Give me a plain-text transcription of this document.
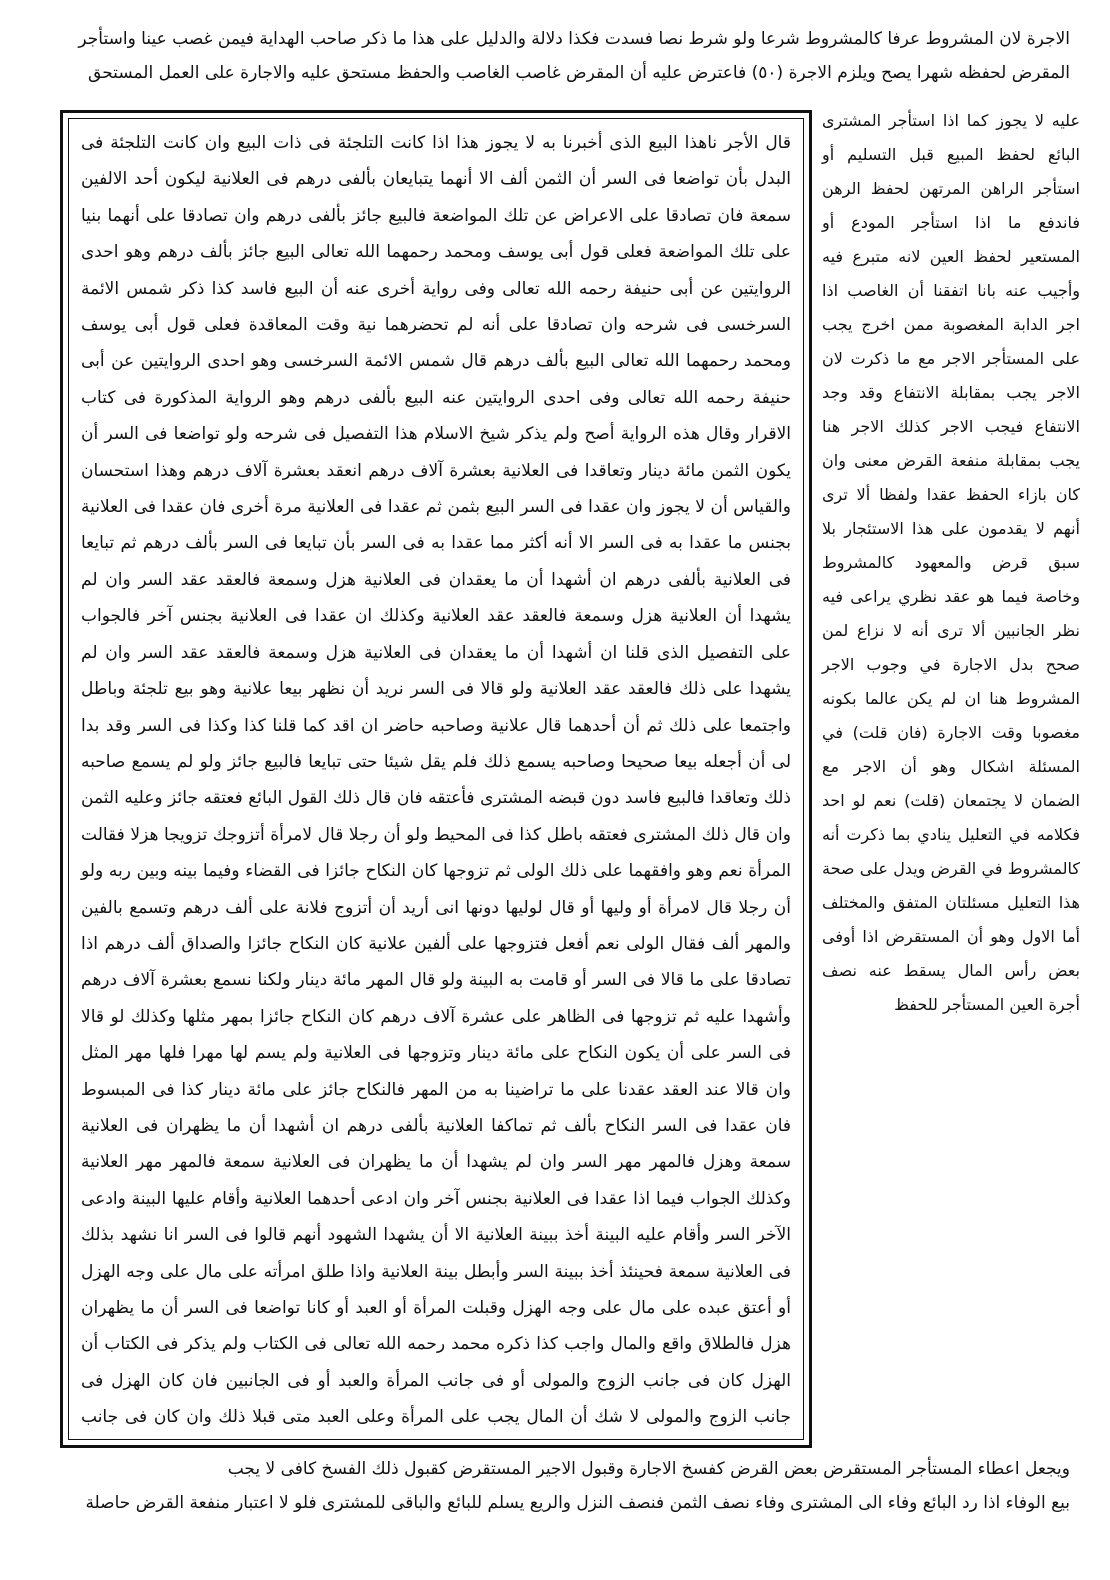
الاجرة لان المشروط عرفا كالمشروط شرعا ولو شرط نصا فسدت فكذا دلالة والدليل على هذا ما ذكر صاحب الهداية فيمن غصب عينا واستأجر

المقرض لحفظه شهرا يصح ويلزم الاجرة (٥٠) فاعترض عليه أن المقرض غاصب الغاصب والحفظ مستحق عليه والاجارة على العمل المستحق

عليه لا يجوز كما اذا استأجر المشترى البائع لحفظ المبيع قبل التسليم أو استأجر الراهن المرتهن لحفظ الرهن فاندفع ما اذا استأجر المودع أو المستعير لحفظ العين لانه متبرع فيه وأجيب عنه بانا اتفقنا أن الغاصب اذا اجر الدابة المغصوبة ممن اخرج يجب على المستأجر الاجر مع ما ذكرت لان الاجر يجب بمقابلة الانتفاع وقد وجد الانتفاع فيجب الاجر كذلك الاجر هنا يجب بمقابلة منفعة القرض معنى وان كان بازاء الحفظ عقدا ولفظا ألا ترى أنهم لا يقدمون على هذا الاستئجار بلا سبق قرض والمعهود كالمشروط وخاصة فيما هو عقد نظري يراعى فيه نظر الجانبين ألا ترى أنه لا نزاع لمن صحح بدل الاجارة في وجوب الاجر المشروط هنا ان لم يكن عالما بكونه مغصوبا وقت الاجارة (فان قلت) في المسئلة اشكال وهو أن الاجر مع الضمان لا يجتمعان (قلت) نعم لو احد فكلامه في التعليل ينادي بما ذكرت أنه كالمشروط في القرض ويدل على صحة هذا التعليل مسئلتان المتفق والمختلف أما الاول وهو أن المستقرض اذا أوفى بعض رأس المال يسقط عنه نصف أجرة العين المستأجر للحفظ

قال الأجر ناهذا البيع الذى أخبرنا به لا يجوز هذا اذا كانت التلجئة فى ذات البيع وان كانت التلجئة فى البدل بأن تواضعا فى السر أن الثمن ألف الا أنهما يتبايعان بألفى درهم فى العلانية ليكون أحد الالفين سمعة فان تصادقا على الاعراض عن تلك المواضعة فالبيع جائز بألفى درهم وان تصادقا على أنهما بنيا على تلك المواضعة فعلى قول أبى يوسف ومحمد رحمهما الله تعالى البيع جائز بألف درهم وهو احدى الروايتين عن أبى حنيفة رحمه الله تعالى وفى رواية أخرى عنه أن البيع فاسد كذا ذكر شمس الائمة السرخسى فى شرحه وان تصادقا على أنه لم تحضرهما نية وقت المعاقدة فعلى قول أبى يوسف ومحمد رحمهما الله تعالى البيع بألف درهم قال شمس الائمة السرخسى وهو احدى الروايتين عن أبى حنيفة رحمه الله تعالى وفى احدى الروايتين عنه البيع بألفى درهم وهو الرواية المذكورة فى كتاب الاقرار وقال هذه الرواية أصح ولم يذكر شيخ الاسلام هذا التفصيل فى شرحه ولو تواضعا فى السر أن يكون الثمن مائة دينار وتعاقدا فى العلانية بعشرة آلاف درهم انعقد بعشرة آلاف درهم وهذا استحسان والقياس أن لا يجوز وان عقدا فى السر البيع بثمن ثم عقدا فى العلانية مرة أخرى فان عقدا فى العلانية بجنس ما عقدا به فى السر الا أنه أكثر مما عقدا به فى السر بأن تبايعا فى السر بألف درهم ثم تبايعا فى العلانية بألفى درهم ان أشهدا أن ما يعقدان فى العلانية هزل وسمعة فالعقد عقد السر وان لم يشهدا أن العلانية هزل وسمعة فالعقد عقد العلانية وكذلك ان عقدا فى العلانية بجنس آخر فالجواب على التفصيل الذى قلنا ان أشهدا أن ما يعقدان فى العلانية هزل وسمعة فالعقد عقد السر وان لم يشهدا على ذلك فالعقد عقد العلانية ولو قالا فى السر نريد أن نظهر بيعا علانية وهو بيع تلجئة وباطل واجتمعا على ذلك ثم أن أحدهما قال علانية وصاحبه حاضر ان اقد كما قلنا كذا وكذا فى السر وقد بدا لى أن أجعله بيعا صحيحا وصاحبه يسمع ذلك فلم يقل شيئا حتى تبايعا فالبيع جائز ولو لم يسمع صاحبه ذلك وتعاقدا فالبيع فاسد دون قبضه المشترى فأعتقه فان قال ذلك القول البائع فعتقه جائز وعليه الثمن وان قال ذلك المشترى فعتقه باطل كذا فى المحيط ولو أن رجلا قال لامرأة أتزوجك تزويجا هزلا فقالت المرأة نعم وهو وافقهما على ذلك الولى ثم تزوجها كان النكاح جائزا فى القضاء وفيما بينه وبين ربه ولو أن رجلا قال لامرأة أو وليها أو قال لوليها دونها انى أريد أن أتزوج فلانة على ألف درهم وتسمع بالفين والمهر ألف فقال الولى نعم أفعل فتزوجها على ألفين علانية كان النكاح جائزا والصداق ألف درهم اذا تصادقا على ما قالا فى السر أو قامت به البينة ولو قال المهر مائة دينار ولكنا نسمع بعشرة آلاف درهم وأشهدا عليه ثم تزوجها فى الظاهر على عشرة آلاف درهم كان النكاح جائزا بمهر مثلها وكذلك لو قالا فى السر على أن يكون النكاح على مائة دينار وتزوجها فى العلانية ولم يسم لها مهرا فلها مهر المثل وان قالا عند العقد عقدنا على ما تراضينا به من المهر فالنكاح جائز على مائة دينار كذا فى المبسوط فان عقدا فى السر النكاح بألف ثم تماكفا العلانية بألفى درهم ان أشهدا أن ما يظهران فى العلانية سمعة وهزل فالمهر مهر السر وان لم يشهدا أن ما يظهران فى العلانية سمعة فالمهر مهر العلانية وكذلك الجواب فيما اذا عقدا فى العلانية بجنس آخر وان ادعى أحدهما العلانية وأقام عليها البينة وادعى الآخر السر وأقام عليه البينة أخذ ببينة العلانية الا أن يشهدا الشهود أنهم قالوا فى السر انا نشهد بذلك فى العلانية سمعة فحينئذ أخذ ببينة السر وأبطل بينة العلانية واذا طلق امرأته على مال على وجه الهزل أو أعتق عبده على مال على وجه الهزل وقبلت المرأة أو العبد أو كانا تواضعا فى السر أن ما يظهران هزل فالطلاق واقع والمال واجب كذا ذكره محمد رحمه الله تعالى فى الكتاب ولم يذكر فى الكتاب أن الهزل كان فى جانب الزوج والمولى أو فى جانب المرأة والعبد أو فى الجانبين فان كان الهزل فى جانب الزوج والمولى لا شك أن المال يجب على المرأة وعلى العبد متى قبلا ذلك وان كان فى جانب

ويجعل اعطاء المستأجر المستقرض بعض القرض كفسخ الاجارة وقبول الاجير المستقرض كقبول ذلك الفسخ كافى لا يجب

بيع الوفاء اذا رد البائع وفاء الى المشترى وفاء نصف الثمن فنصف النزل والريع يسلم للبائع والباقى للمشترى فلو لا اعتبار منفعة القرض حاصلة
